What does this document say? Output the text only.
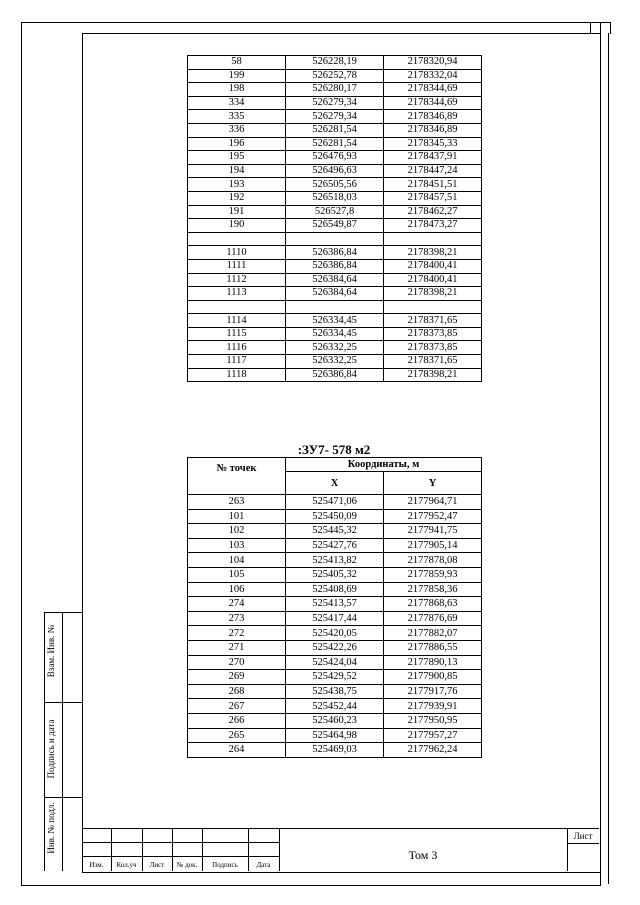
Взам. Инв. №
Подпись и дата
Инв. № подл.
58	526228,19	2178320,94
199	526252,78	2178332,04
198	526280,17	2178344,69
334	526279,34	2178344,69
335	526279,34	2178346,89
336	526281,54	2178346,89
196	526281,54	2178345,33
195	526476,93	2178437,91
194	526496,63	2178447,24
193	526505,56	2178451,51
192	526518,03	2178457,51
191	526527,8	2178462,27
190	526549,87	2178473,27

1110	526386,84	2178398,21
1111	526386,84	2178400,41
1112	526384,64	2178400,41
1113	526384,64	2178398,21

1114	526334,45	2178371,65
1115	526334,45	2178373,85
1116	526332,25	2178373,85
1117	526332,25	2178371,65
1118	526386,84	2178398,21
:ЗУ7- 578 м2
№ точек	Координаты, м	
	X	Y
263	525471,06	2177964,71
101	525450,09	2177952,47
102	525445,32	2177941,75
103	525427,76	2177905,14
104	525413,82	2177878,08
105	525405,32	2177859,93
106	525408,69	2177858,36
274	525413,57	2177868,63
273	525417,44	2177876,69
272	525420,05	2177882,07
271	525422,26	2177886,55
270	525424,04	2177890,13
269	525429,52	2177900,85
268	525438,75	2177917,76
267	525452,44	2177939,91
266	525460,23	2177950,95
265	525464,98	2177957,27
264	525469,03	2177962,24
Изм.	Кол.уч	Лист	№ док.	Подпись	Дата
Том 3
Лист
